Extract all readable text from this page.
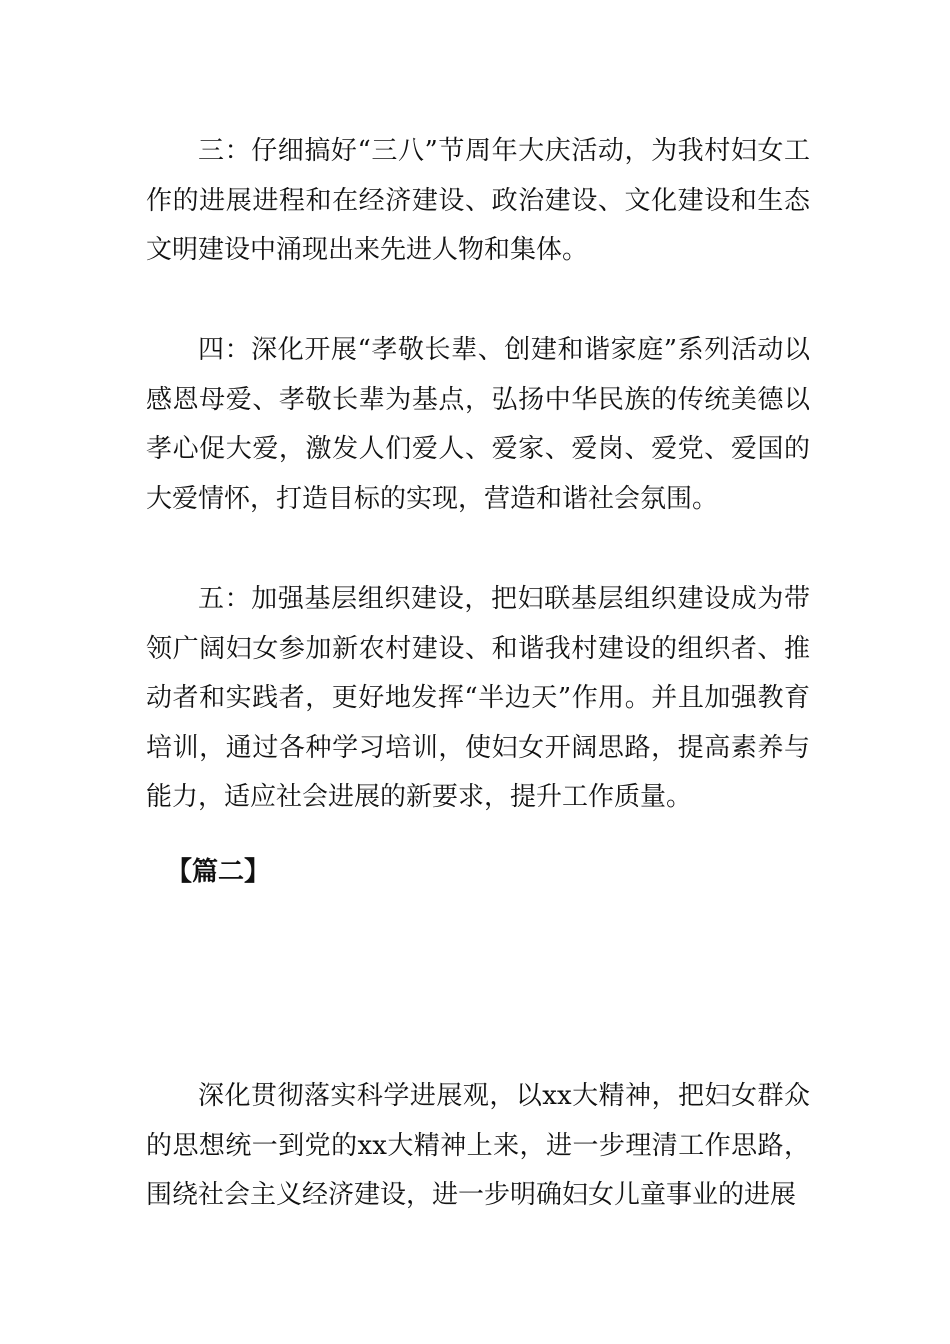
三：仔细搞好“三八”节周年大庆活动，为我村妇女工作的进展进程和在经济建设、政治建设、文化建设和生态文明建设中涌现出来先进人物和集体。

四：深化开展“孝敬长辈、创建和谐家庭”系列活动以感恩母爱、孝敬长辈为基点，弘扬中华民族的传统美德以孝心促大爱，激发人们爱人、爱家、爱岗、爱党、爱国的大爱情怀，打造目标的实现，营造和谐社会氛围。

五：加强基层组织建设，把妇联基层组织建设成为带领广阔妇女参加新农村建设、和谐我村建设的组织者、推动者和实践者，更好地发挥“半边天”作用。并且加强教育培训，通过各种学习培训，使妇女开阔思路，提高素养与能力，适应社会进展的新要求，提升工作质量。

【篇二】

深化贯彻落实科学进展观，以xx大精神，把妇女群众的思想统一到党的xx大精神上来，进一步理清工作思路，围绕社会主义经济建设，进一步明确妇女儿童事业的进展
